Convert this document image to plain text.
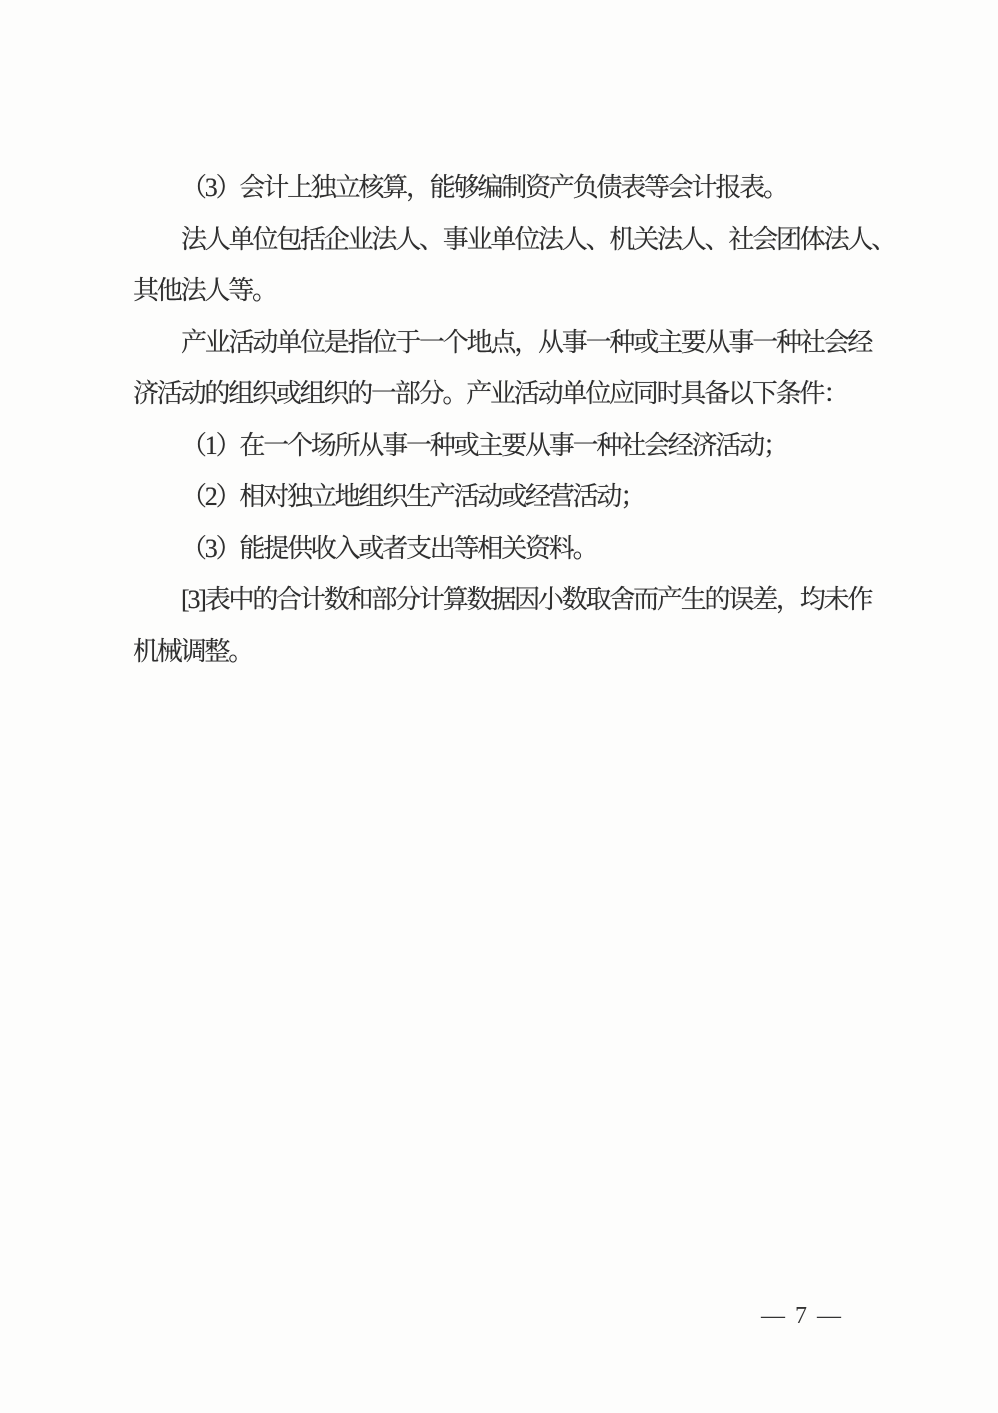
（3）会计上独立核算，能够编制资产负债表等会计报表。
法人单位包括企业法人、事业单位法人、机关法人、社会团体法人、
其他法人等。
产业活动单位是指位于一个地点，从事一种或主要从事一种社会经
济活动的组织或组织的一部分。产业活动单位应同时具备以下条件：
（1）在一个场所从事一种或主要从事一种社会经济活动；
（2）相对独立地组织生产活动或经营活动；
（3）能提供收入或者支出等相关资料。
[3]表中的合计数和部分计算数据因小数取舍而产生的误差，均未作
机械调整。
— 7 —
